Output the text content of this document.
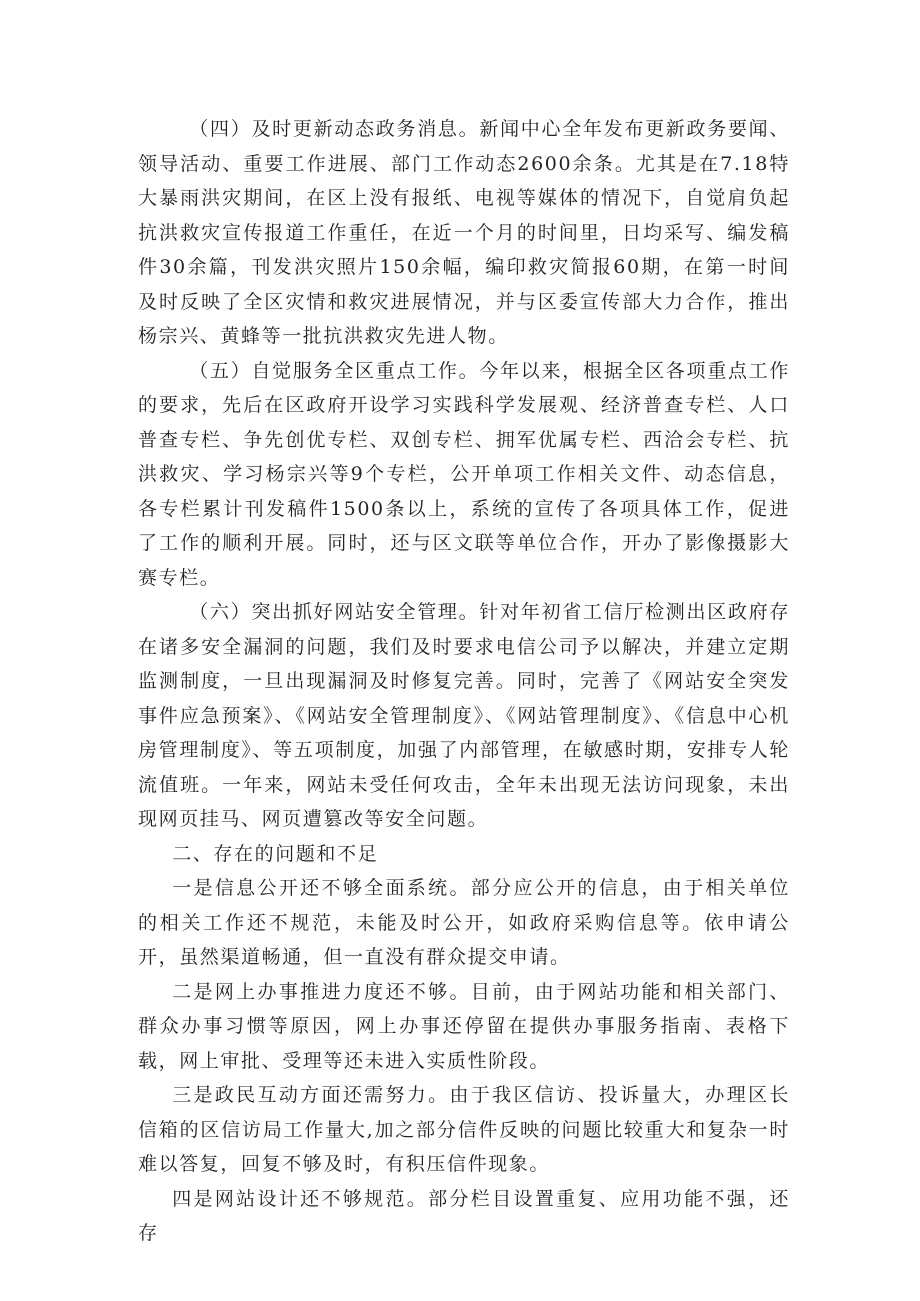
（四）及时更新动态政务消息。新闻中心全年发布更新政务要闻、领导活动、重要工作进展、部门工作动态2600余条。尤其是在7.18特大暴雨洪灾期间，在区上没有报纸、电视等媒体的情况下，自觉肩负起抗洪救灾宣传报道工作重任，在近一个月的时间里，日均采写、编发稿件30余篇，刊发洪灾照片150余幅，编印救灾简报60期，在第一时间及时反映了全区灾情和救灾进展情况，并与区委宣传部大力合作，推出杨宗兴、黄蜂等一批抗洪救灾先进人物。

（五）自觉服务全区重点工作。今年以来，根据全区各项重点工作的要求，先后在区政府开设学习实践科学发展观、经济普查专栏、人口普查专栏、争先创优专栏、双创专栏、拥军优属专栏、西洽会专栏、抗洪救灾、学习杨宗兴等9个专栏，公开单项工作相关文件、动态信息，各专栏累计刊发稿件1500条以上，系统的宣传了各项具体工作，促进了工作的顺利开展。同时，还与区文联等单位合作，开办了影像摄影大赛专栏。

（六）突出抓好网站安全管理。针对年初省工信厅检测出区政府存在诸多安全漏洞的问题，我们及时要求电信公司予以解决，并建立定期监测制度，一旦出现漏洞及时修复完善。同时，完善了《网站安全突发事件应急预案》、《网站安全管理制度》、《网站管理制度》、《信息中心机房管理制度》、等五项制度，加强了内部管理，在敏感时期，安排专人轮流值班。一年来，网站未受任何攻击，全年未出现无法访问现象，未出现网页挂马、网页遭篡改等安全问题。

二、存在的问题和不足

一是信息公开还不够全面系统。部分应公开的信息，由于相关单位的相关工作还不规范，未能及时公开，如政府采购信息等。依申请公开，虽然渠道畅通，但一直没有群众提交申请。

二是网上办事推进力度还不够。目前，由于网站功能和相关部门、群众办事习惯等原因，网上办事还停留在提供办事服务指南、表格下载，网上审批、受理等还未进入实质性阶段。

三是政民互动方面还需努力。由于我区信访、投诉量大，办理区长信箱的区信访局工作量大,加之部分信件反映的问题比较重大和复杂一时难以答复，回复不够及时，有积压信件现象。

四是网站设计还不够规范。部分栏目设置重复、应用功能不强，还存
